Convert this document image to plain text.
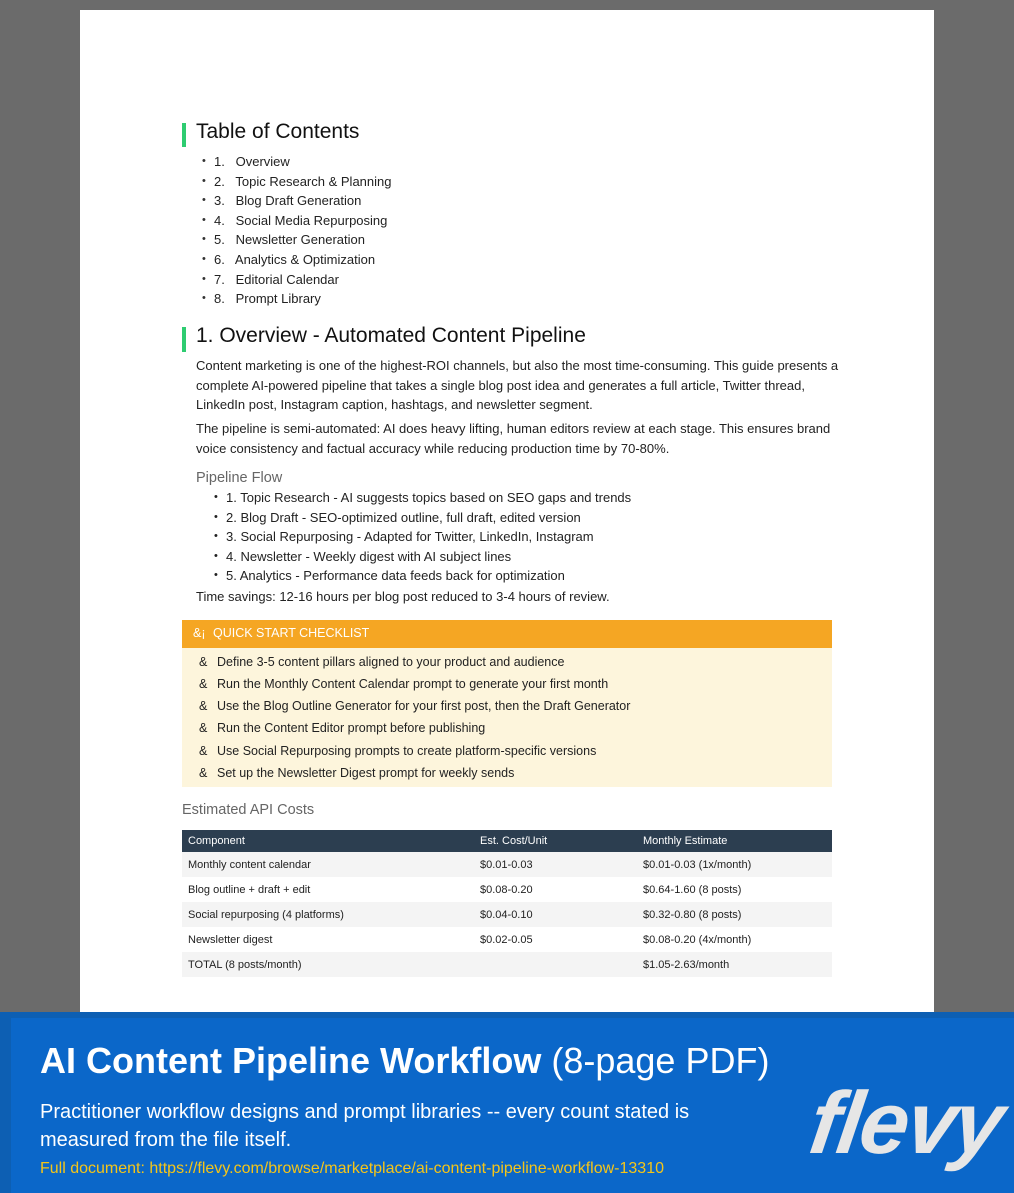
Table of Contents
• 1. Overview
• 2. Topic Research & Planning
• 3. Blog Draft Generation
• 4. Social Media Repurposing
• 5. Newsletter Generation
• 6. Analytics & Optimization
• 7. Editorial Calendar
• 8. Prompt Library
1. Overview - Automated Content Pipeline
Content marketing is one of the highest-ROI channels, but also the most time-consuming. This guide presents a complete AI-powered pipeline that takes a single blog post idea and generates a full article, Twitter thread, LinkedIn post, Instagram caption, hashtags, and newsletter segment.
The pipeline is semi-automated: AI does heavy lifting, human editors review at each stage. This ensures brand voice consistency and factual accuracy while reducing production time by 70-80%.
Pipeline Flow
• 1. Topic Research - AI suggests topics based on SEO gaps and trends
• 2. Blog Draft - SEO-optimized outline, full draft, edited version
• 3. Social Repurposing - Adapted for Twitter, LinkedIn, Instagram
• 4. Newsletter - Weekly digest with AI subject lines
• 5. Analytics - Performance data feeds back for optimization
Time savings: 12-16 hours per blog post reduced to 3-4 hours of review.
&¡ QUICK START CHECKLIST
& Define 3-5 content pillars aligned to your product and audience
& Run the Monthly Content Calendar prompt to generate your first month
& Use the Blog Outline Generator for your first post, then the Draft Generator
& Run the Content Editor prompt before publishing
& Use Social Repurposing prompts to create platform-specific versions
& Set up the Newsletter Digest prompt for weekly sends
Estimated API Costs
Component	Est. Cost/Unit	Monthly Estimate
Monthly content calendar	$0.01-0.03	$0.01-0.03 (1x/month)
Blog outline + draft + edit	$0.08-0.20	$0.64-1.60 (8 posts)
Social repurposing (4 platforms)	$0.04-0.10	$0.32-0.80 (8 posts)
Newsletter digest	$0.02-0.05	$0.08-0.20 (4x/month)
TOTAL (8 posts/month)		$1.05-2.63/month
AI Content Pipeline Workflow (8-page PDF)
Practitioner workflow designs and prompt libraries -- every count stated is measured from the file itself.
Full document: https://flevy.com/browse/marketplace/ai-content-pipeline-workflow-13310 flevy
